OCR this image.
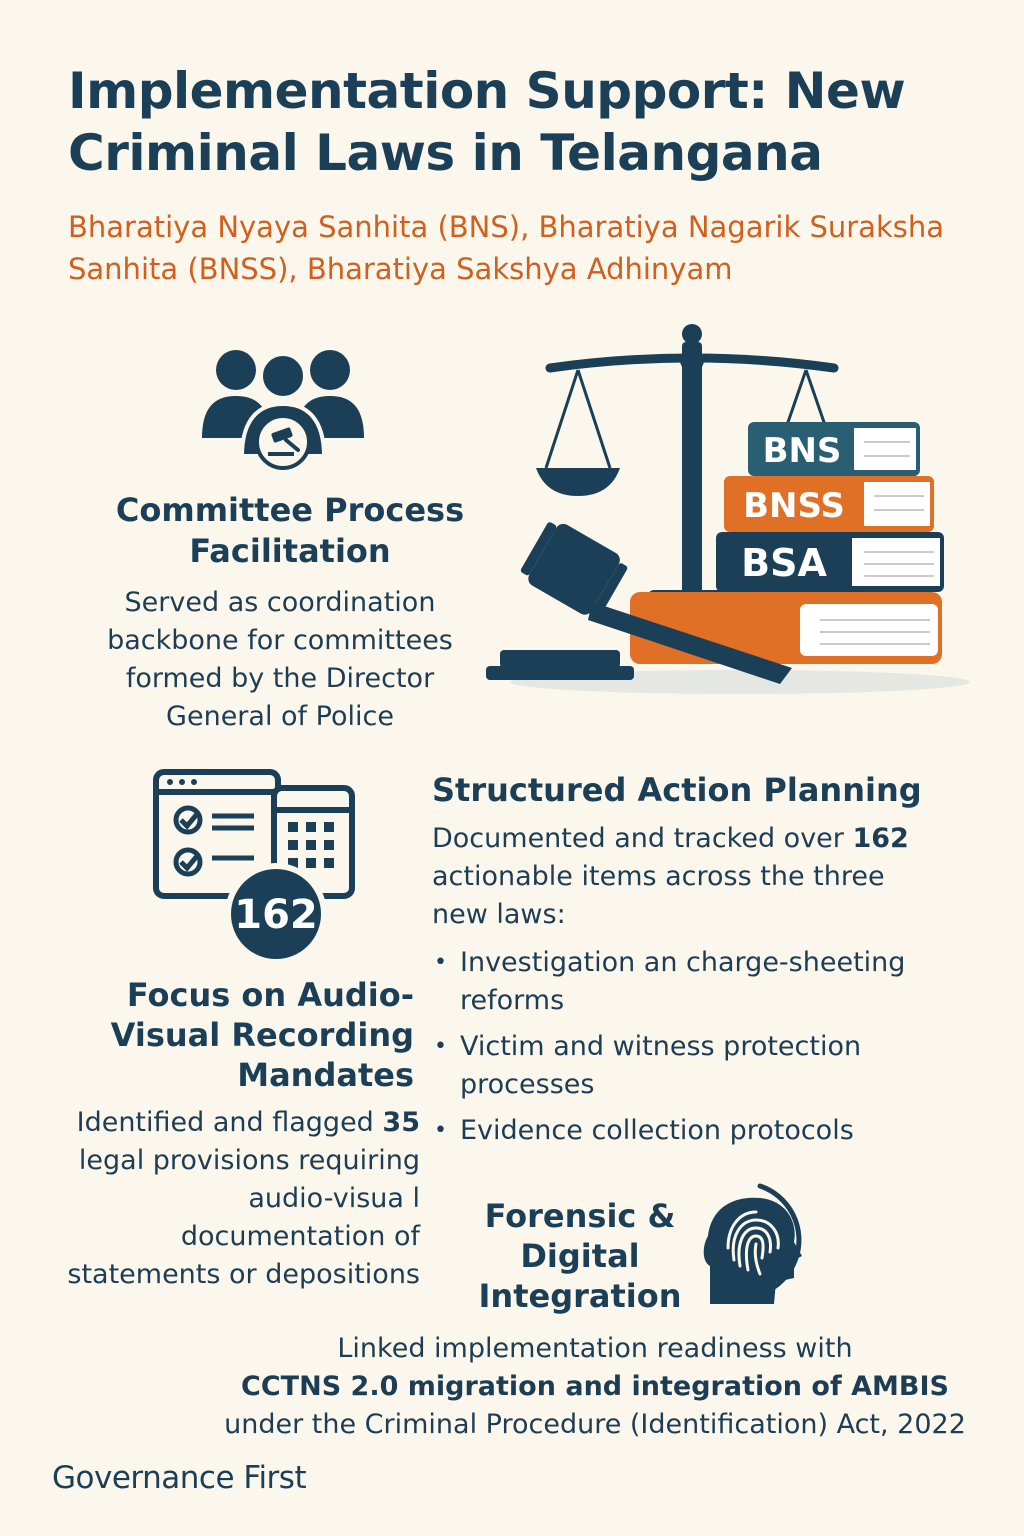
Implementation Support: New Criminal Laws in Telangana
Bharatiya Nyaya Sanhita (BNS), Bharatiya Nagarik Suraksha Sanhita (BNSS), Bharatiya Sakshya Adhinyam
Committee Process Facilitation
Served as coordination backbone for committees formed by the Director General of Police
BNS
BNSS
BSA
162
Structured Action Planning
Documented and tracked over 162 actionable items across the three new laws:
• Investigation an charge-sheeting reforms
• Victim and witness protection processes
• Evidence collection protocols
Focus on Audio-Visual Recording Mandates
Identified and flagged 35 legal provisions requiring audio-visua l documentation of statements or depositions
Forensic & Digital Integration
Linked implementation readiness with
CCTNS 2.0 migration and integration of AMBIS
under the Criminal Procedure (Identification) Act, 2022
Governance First
